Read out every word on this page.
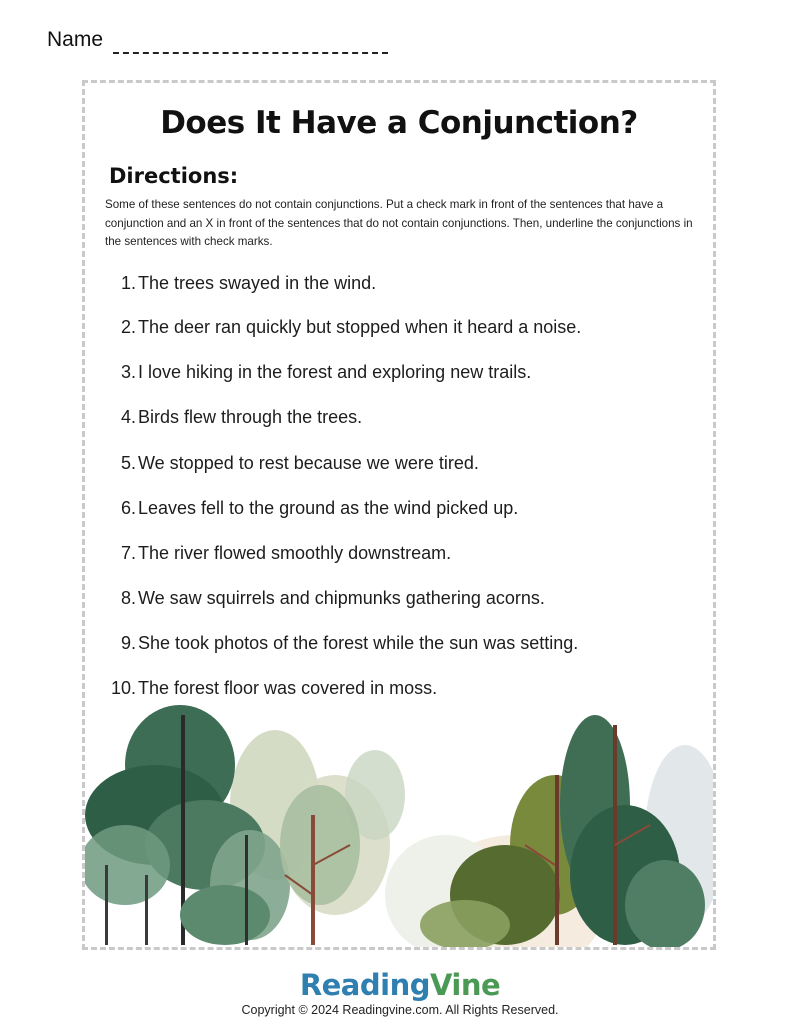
Name
Does It Have a Conjunction?
Directions:
Some of these sentences do not contain conjunctions. Put a check mark in front of the sentences that have a conjunction and an X in front of the sentences that do not contain conjunctions. Then, underline the conjunctions in the sentences with check marks.
1. The trees swayed in the wind.
2. The deer ran quickly but stopped when it heard a noise.
3. I love hiking in the forest and exploring new trails.
4. Birds flew through the trees.
5. We stopped to rest because we were tired.
6. Leaves fell to the ground as the wind picked up.
7. The river flowed smoothly downstream.
8. We saw squirrels and chipmunks gathering acorns.
9. She took photos of the forest while the sun was setting.
10. The forest floor was covered in moss.
ReadingVine
Copyright © 2024 Readingvine.com. All Rights Reserved.
